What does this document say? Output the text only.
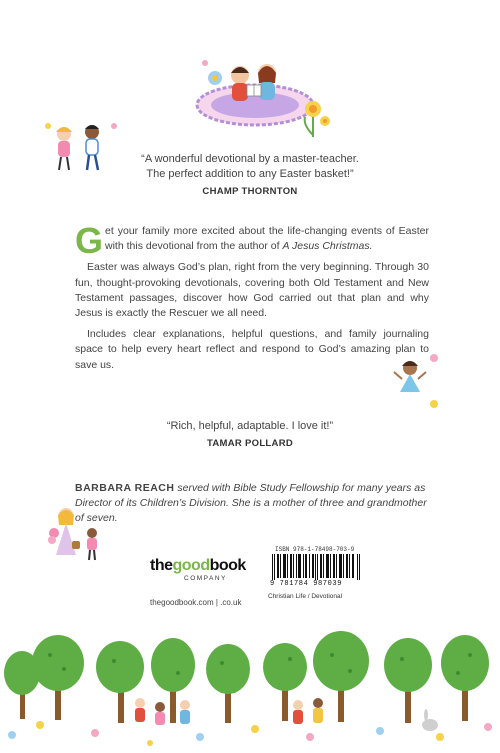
“A wonderful devotional by a master-teacher.
The perfect addition to any Easter basket!”
CHAMP THORNTON

Get your family more excited about the life-changing events of Easter with this devotional from the author of A Jesus Christmas.

Easter was always God’s plan, right from the very beginning. Through 30 fun, thought-provoking devotionals, covering both Old Testament and New Testament passages, discover how God carried out that plan and why Jesus is exactly the Rescuer we all need.

Includes clear explanations, helpful questions, and family journaling space to help every heart reflect and respond to God’s amazing plan to save us.

“Rich, helpful, adaptable. I love it!”
TAMAR POLLARD
BARBARA REACH served with Bible Study Fellowship for many years as Director of its Children’s Division. She is a mother of three and grandmother of seven.
thegoodbook
COMPANY
thegoodbook.com | .co.uk
ISBN 978-1-78498-703-9
9 781784 987039
Christian Life / Devotional
